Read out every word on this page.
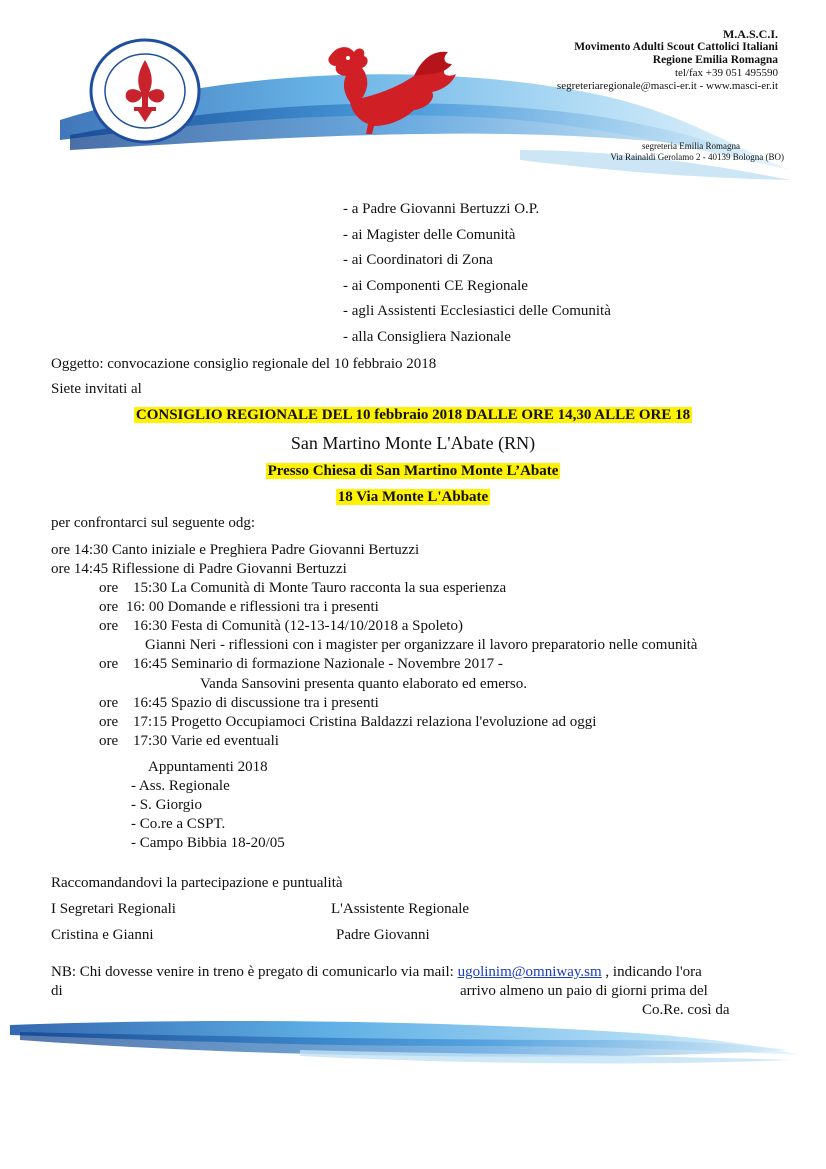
M.A.S.C.I.
Movimento Adulti Scout Cattolici Italiani
Regione Emilia Romagna
tel/fax +39 051 495590
segreteriaregionale@masci-er.it - www.masci-er.it
segreteria Emilia Romagna
Via Rainaldi Gerolamo 2 - 40139 Bologna (BO)
- a Padre Giovanni Bertuzzi O.P.
- ai Magister delle Comunità
- ai Coordinatori di Zona
- ai Componenti CE Regionale
- agli Assistenti Ecclesiastici delle Comunità
- alla Consigliera Nazionale
Oggetto: convocazione consiglio regionale del 10 febbraio 2018
Siete invitati al
CONSIGLIO REGIONALE DEL 10 febbraio 2018 DALLE ORE 14,30 ALLE ORE 18
San Martino Monte L'Abate (RN)
Presso Chiesa di San Martino Monte L’Abate
18 Via Monte L'Abbate
per confrontarci sul seguente odg:
ore 14:30 Canto iniziale e Preghiera Padre Giovanni Bertuzzi
ore 14:45 Riflessione di Padre Giovanni Bertuzzi
ore 15:30 La Comunità di Monte Tauro racconta la sua esperienza
ore 16: 00 Domande e riflessioni tra i presenti
ore 16:30 Festa di Comunità (12-13-14/10/2018 a Spoleto)
Gianni Neri - riflessioni con i magister per organizzare il lavoro preparatorio nelle comunità
ore 16:45 Seminario di formazione Nazionale - Novembre 2017 -
Vanda Sansovini presenta quanto elaborato ed emerso.
ore 16:45 Spazio di discussione tra i presenti
ore 17:15 Progetto Occupiamoci Cristina Baldazzi relaziona l'evoluzione ad oggi
ore 17:30 Varie ed eventuali
Appuntamenti 2018
- Ass. Regionale
- S. Giorgio
- Co.re a CSPT.
- Campo Bibbia 18-20/05
Raccomandandovi la partecipazione e puntualità
I Segretari Regionali	L'Assistente Regionale
Cristina e Gianni	Padre Giovanni
NB: Chi dovesse venire in treno è pregato di comunicarlo via mail: ugolinim@omniway.sm , indicando l'ora
di	arrivo almeno un paio di giorni prima del
Co.Re. così da
